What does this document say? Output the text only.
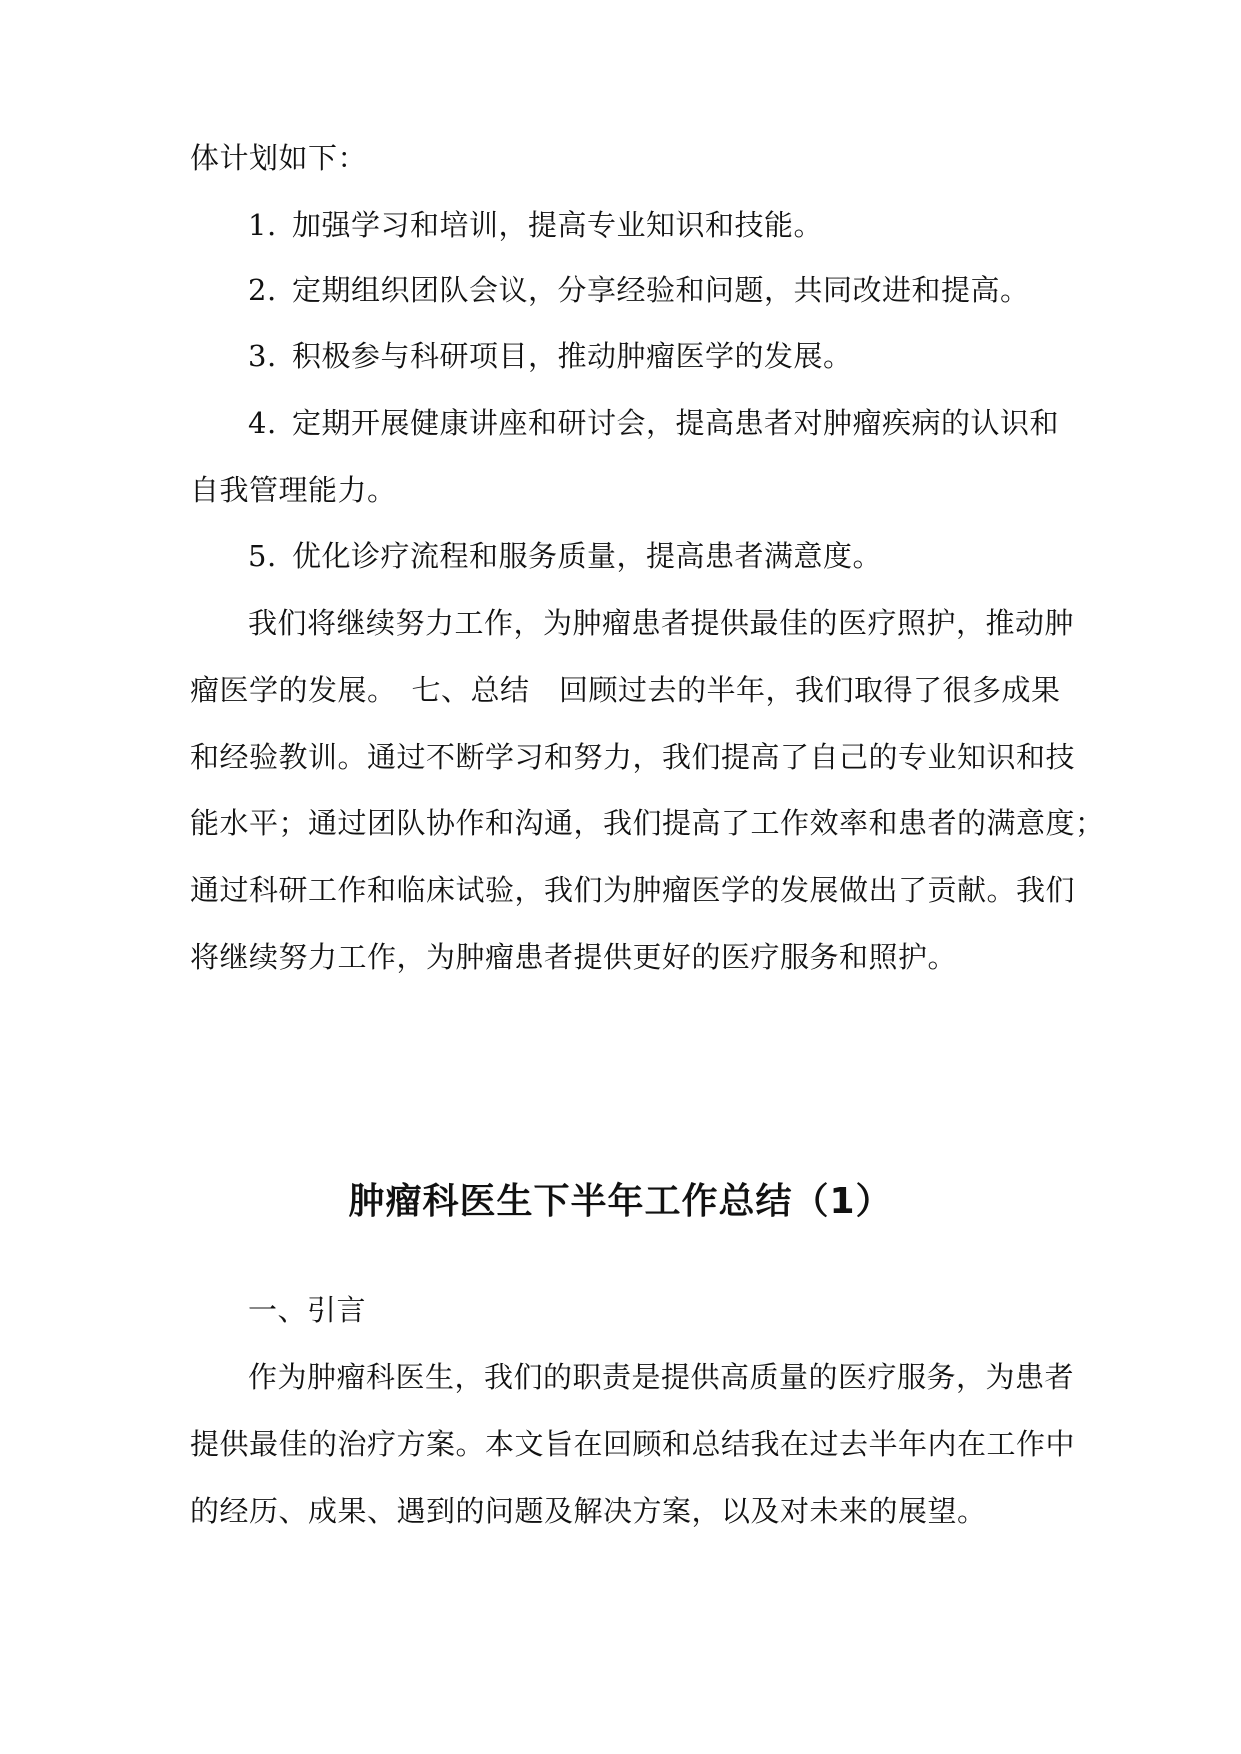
体计划如下：
1. 加强学习和培训，提高专业知识和技能。
2. 定期组织团队会议，分享经验和问题，共同改进和提高。
3. 积极参与科研项目，推动肿瘤医学的发展。
4. 定期开展健康讲座和研讨会，提高患者对肿瘤疾病的认识和
自我管理能力。
5. 优化诊疗流程和服务质量，提高患者满意度。
我们将继续努力工作，为肿瘤患者提供最佳的医疗照护，推动肿
瘤医学的发展。　七、总结　回顾过去的半年，我们取得了很多成果
和经验教训。通过不断学习和努力，我们提高了自己的专业知识和技
能水平；通过团队协作和沟通，我们提高了工作效率和患者的满意度；
通过科研工作和临床试验，我们为肿瘤医学的发展做出了贡献。我们
将继续努力工作，为肿瘤患者提供更好的医疗服务和照护。
肿瘤科医生下半年工作总结（1）
一、引言
作为肿瘤科医生，我们的职责是提供高质量的医疗服务，为患者
提供最佳的治疗方案。本文旨在回顾和总结我在过去半年内在工作中
的经历、成果、遇到的问题及解决方案，以及对未来的展望。
